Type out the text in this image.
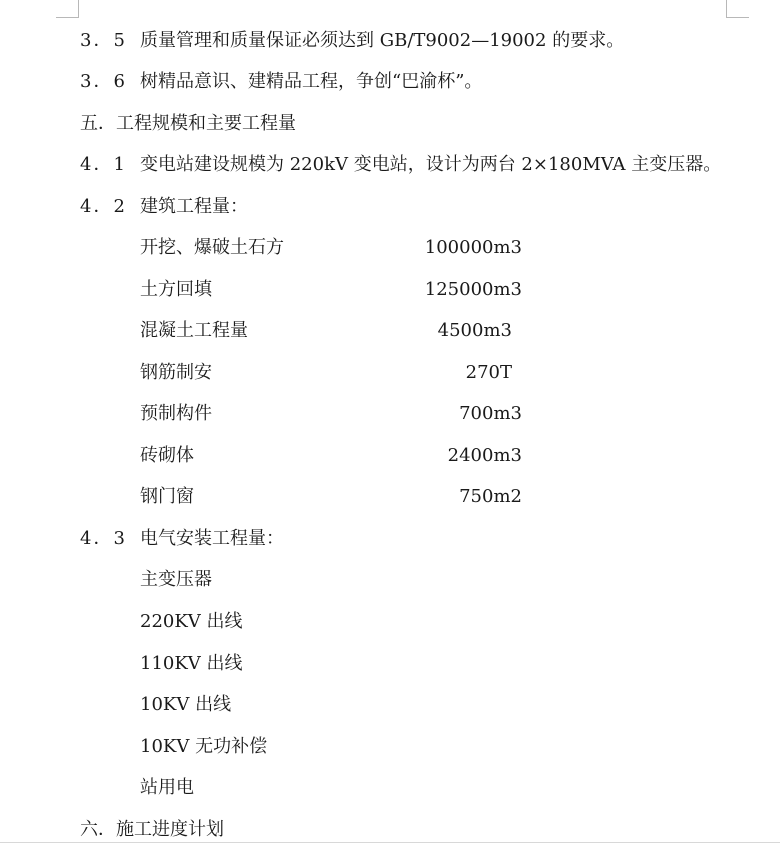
3．5 质量管理和质量保证必须达到 GB/T9002—19002 的要求。
3．6 树精品意识、建精品工程，争创“巴渝杯”。
五．工程规模和主要工程量
4．1 变电站建设规模为 220kV 变电站，设计为两台 2×180MVA 主变压器。
4．2 建筑工程量：
开挖、爆破土石方	100000m3
土方回填	125000m3
混凝土工程量	4500m3
钢筋制安	270T
预制构件	700m3
砖砌体	2400m3
钢门窗	750m2
4．3 电气安装工程量：
主变压器
220KV 出线
110KV 出线
10KV 出线
10KV 无功补偿
站用电
六．施工进度计划
